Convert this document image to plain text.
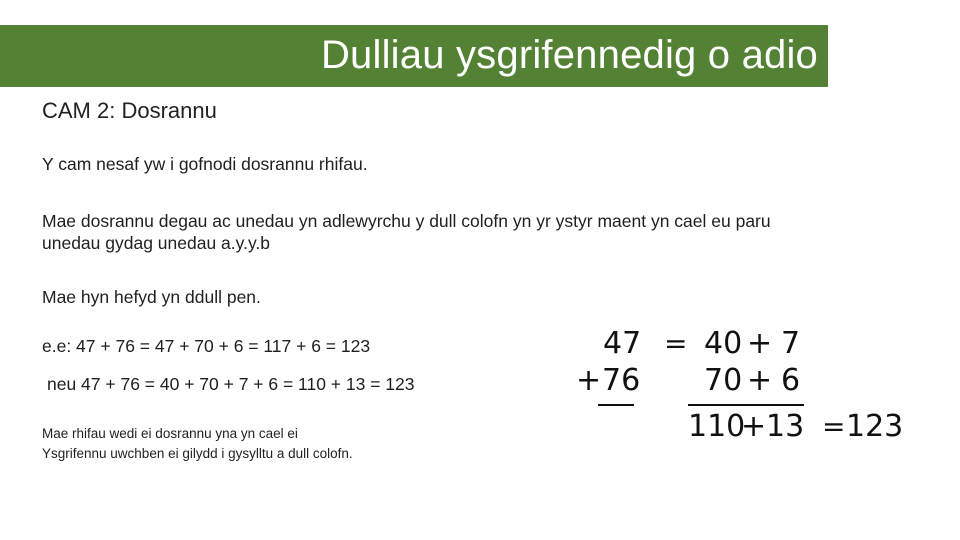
Dulliau ysgrifennedig o adio
CAM 2: Dosrannu
Y cam nesaf yw i gofnodi dosrannu rhifau.
Mae dosrannu degau ac unedau yn adlewyrchu y dull colofn yn yr ystyr maent yn cael eu paru
unedau gydag unedau a.y.y.b
Mae hyn hefyd yn ddull pen.
e.e: 47 + 76 = 47 + 70 + 6 = 117 + 6 = 123
neu 47 + 76 = 40 + 70 + 7 + 6 = 110 + 13 = 123
Mae rhifau wedi ei dosrannu yna yn cael ei
Ysgrifennu uwchben ei gilydd i gysylltu a dull colofn.
47 = 40 + 7
+ 76 70 + 6
110
+ 13 = 123
